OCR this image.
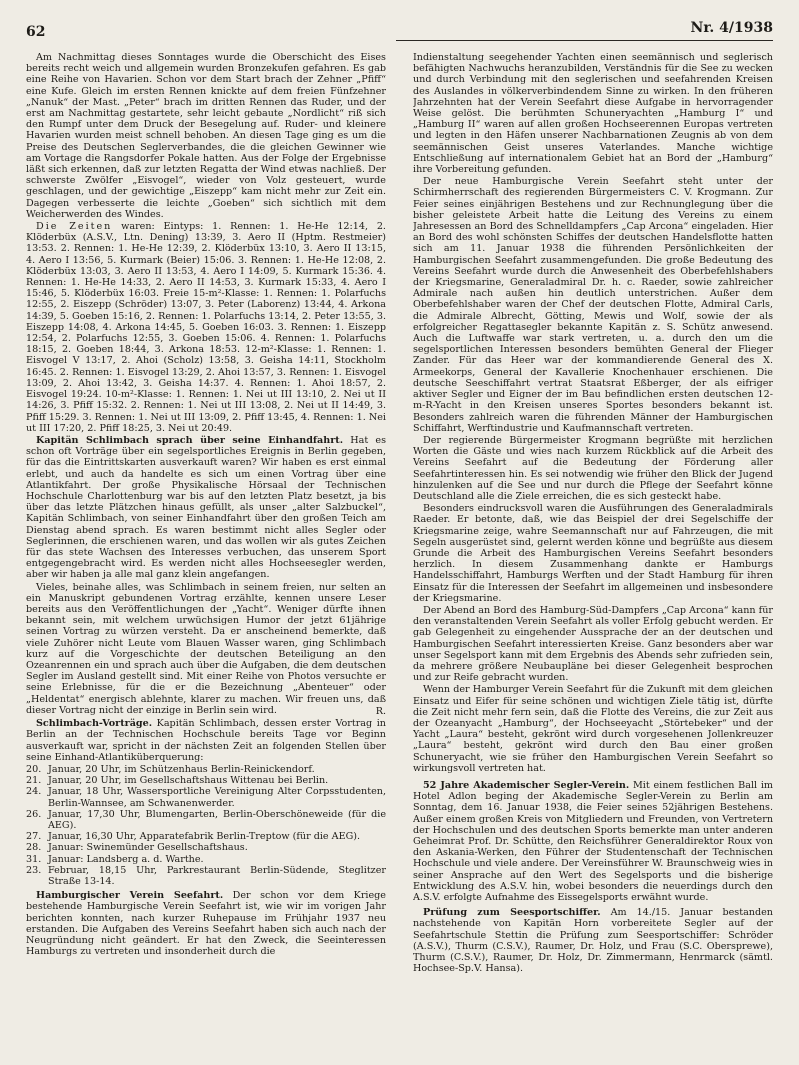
62	Nr. 4/1938

Am Nachmittag dieses Sonntages wurde die Oberschicht des Eises bereits recht weich und allgemein wurden Bronzekufen gefahren. Es gab eine Reihe von Havarien. Schon vor dem Start brach der Zehner „Pfiff“ eine Kufe. Gleich im ersten Rennen knickte auf dem freien Fünfzehner „Nanuk“ der Mast. „Peter“ brach im dritten Rennen das Ruder, und der erst am Nachmittag gestartete, sehr leicht gebaute „Nordlicht“ riß sich den Rumpf unter dem Druck der Besegelung auf. Ruder- und kleinere Havarien wurden meist schnell behoben. An diesen Tage ging es um die Preise des Deutschen Seglerverbandes, die die gleichen Gewinner wie am Vortage die Rangsdorfer Pokale hatten. Aus der Folge der Ergebnisse läßt sich erkennen, daß zur letzten Regatta der Wind etwas nachließ. Der schwerste Zwölfer „Eisvogel“, wieder von Volz gesteuert, wurde geschlagen, und der gewichtige „Eiszepp“ kam nicht mehr zur Zeit ein. Dagegen verbesserte die leichte „Goeben“ sich sichtlich mit dem Weicherwerden des Windes.

Die Zeiten waren: Eintyps: 1. Rennen: 1. He-He 12:14, 2. Klöderbüx (A.S.V., Ltn. Dening) 13:39, 3. Aero II (Hptm. Restmeier) 13:53. 2. Rennen: 1. He-He 12:39, 2. Klöderbüx 13:10, 3. Aero II 13:15, 4. Aero I 13:56, 5. Kurmark (Beier) 15:06. 3. Rennen: 1. He-He 12:08, 2. Klöderbüx 13:03, 3. Aero II 13:53, 4. Aero I 14:09, 5. Kurmark 15:36. 4. Rennen: 1. He-He 14:33, 2. Aero II 14:53, 3. Kurmark 15:33, 4. Aero I 15:46, 5. Klöderbüx 16:03. Freie 15-m²-Klasse: 1. Rennen: 1. Polarfuchs 12:55, 2. Eiszepp (Schröder) 13:07, 3. Peter (Laborenz) 13:44, 4. Arkona 14:39, 5. Goeben 15:16, 2. Rennen: 1. Polarfuchs 13:14, 2. Peter 13:55, 3. Eiszepp 14:08, 4. Arkona 14:45, 5. Goeben 16:03. 3. Rennen: 1. Eiszepp 12:54, 2. Polarfuchs 12:55, 3. Goeben 15:06. 4. Rennen: 1. Polarfuchs 18:15, 2. Goeben 18:44, 3. Arkona 18:53. 12-m²-Klasse: 1. Rennen: 1. Eisvogel V 13:17, 2. Ahoi (Scholz) 13:58, 3. Geisha 14:11, Stockholm 16:45. 2. Rennen: 1. Eisvogel 13:29, 2. Ahoi 13:57, 3. Rennen: 1. Eisvogel 13:09, 2. Ahoi 13:42, 3. Geisha 14:37. 4. Rennen: 1. Ahoi 18:57, 2. Eisvogel 19:24. 10-m²-Klasse: 1. Rennen: 1. Nei ut III 13:10, 2. Nei ut II 14:26, 3. Pfiff 15:32. 2. Rennen: 1. Nei ut III 13:08, 2. Nei ut II 14:49, 3. Pfiff 15:29. 3. Rennen: 1. Nei ut III 13:09, 2. Pfiff 13:45, 4. Rennen: 1. Nei ut III 17:20, 2. Pfiff 18:25, 3. Nei ut 20:49.

Kapitän Schlimbach sprach über seine Einhandfahrt. Hat es schon oft Vorträge über ein segelsportliches Ereignis in Berlin gegeben, für das die Eintrittskarten ausverkauft waren? Wir haben es erst einmal erlebt, und auch da handelte es sich um einen Vortrag über eine Atlantikfahrt. Der große Physikalische Hörsaal der Technischen Hochschule Charlottenburg war bis auf den letzten Platz besetzt, ja bis über das letzte Plätzchen hinaus gefüllt, als unser „alter Salzbuckel“, Kapitän Schlimbach, von seiner Einhandfahrt über den großen Teich am Dienstag abend sprach. Es waren bestimmt nicht alles Segler oder Seglerinnen, die erschienen waren, und das wollen wir als gutes Zeichen für das stete Wachsen des Interesses verbuchen, das unserem Sport entgegengebracht wird. Es werden nicht alles Hochseesegler werden, aber wir haben ja alle mal ganz klein angefangen.

Vieles, beinahe alles, was Schlimbach in seinem freien, nur selten an ein Manuskript gebundenen Vortrag erzählte, kennen unsere Leser bereits aus den Veröffentlichungen der „Yacht“. Weniger dürfte ihnen bekannt sein, mit welchem urwüchsigen Humor der jetzt 61jährige seinen Vortrag zu würzen versteht. Da er anscheinend bemerkte, daß viele Zuhörer nicht Leute vom Blauen Wasser waren, ging Schlimbach kurz auf die Vorgeschichte der deutschen Beteiligung an den Ozeanrennen ein und sprach auch über die Aufgaben, die dem deutschen Segler im Ausland gestellt sind. Mit einer Reihe von Photos versuchte er seine Erlebnisse, für die er die Bezeichnung „Abenteuer“ oder „Heldentat“ energisch ablehnte, klarer zu machen. Wir freuen uns, daß dieser Vortrag nicht der einzige in Berlin sein wird.	R.

Schlimbach-Vorträge. Kapitän Schlimbach, dessen erster Vortrag in Berlin an der Technischen Hochschule bereits Tage vor Beginn ausverkauft war, spricht in der nächsten Zeit an folgenden Stellen über seine Einhand-Atlantiküberquerung:

20. Januar, 20 Uhr, im Schützenhaus Berlin-Reinickendorf.
21. Januar, 20 Uhr, im Gesellschaftshaus Wittenau bei Berlin.
24. Januar, 18 Uhr, Wassersportliche Vereinigung Alter Corpsstudenten, Berlin-Wannsee, am Schwanenwerder.
26. Januar, 17,30 Uhr, Blumengarten, Berlin-Oberschöneweide (für die AEG).
27. Januar, 16,30 Uhr, Apparatefabrik Berlin-Treptow (für die AEG).
28. Januar: Swinemünder Gesellschaftshaus.
31. Januar: Landsberg a. d. Warthe.
23. Februar, 18,15 Uhr, Parkrestaurant Berlin-Südende, Steglitzer Straße 13-14.

Hamburgischer Verein Seefahrt. Der schon vor dem Kriege bestehende Hamburgische Verein Seefahrt ist, wie wir im vorigen Jahr berichten konnten, nach kurzer Ruhepause im Frühjahr 1937 neu erstanden. Die Aufgaben des Vereins Seefahrt haben sich auch nach der Neugründung nicht geändert. Er hat den Zweck, die Seeinteressen Hamburgs zu vertreten und insonderheit durch die

Indienstaltung seegehender Yachten einen seemännisch und seglerisch befähigten Nachwuchs heranzubilden, Verständnis für die See zu wecken und durch Verbindung mit den seglerischen und seefahrenden Kreisen des Auslandes in völkerverbindendem Sinne zu wirken. In den früheren Jahrzehnten hat der Verein Seefahrt diese Aufgabe in hervorragender Weise gelöst. Die berühmten Schuneryachten „Hamburg I“ und „Hamburg II“ waren auf allen großen Hochseerennen Europas vertreten und legten in den Häfen unserer Nachbarnationen Zeugnis ab von dem seemännischen Geist unseres Vaterlandes. Manche wichtige Entschließung auf internationalem Gebiet hat an Bord der „Hamburg“ ihre Vorbereitung gefunden.

Der neue Hamburgische Verein Seefahrt steht unter der Schirmherrschaft des regierenden Bürgermeisters C. V. Krogmann. Zur Feier seines einjährigen Bestehens und zur Rechnunglegung über die bisher geleistete Arbeit hatte die Leitung des Vereins zu einem Jahresessen an Bord des Schnelldampfers „Cap Arcona“ eingeladen. Hier an Bord des wohl schönsten Schiffes der deutschen Handelsflotte hatten sich am 11. Januar 1938 die führenden Persönlichkeiten der Hamburgischen Seefahrt zusammengefunden. Die große Bedeutung des Vereins Seefahrt wurde durch die Anwesenheit des Oberbefehlshabers der Kriegsmarine, Generaladmiral Dr. h. c. Raeder, sowie zahlreicher Admirale nach außen hin deutlich unterstrichen. Außer dem Oberbefehlshaber waren der Chef der deutschen Flotte, Admiral Carls, die Admirale Albrecht, Götting, Mewis und Wolf, sowie der als erfolgreicher Regattasegler bekannte Kapitän z. S. Schütz anwesend. Auch die Luftwaffe war stark vertreten, u. a. durch den um die segelsportlichen Interessen besonders bemühten General der Flieger Zander. Für das Heer war der kommandierende General des X. Armeekorps, General der Kavallerie Knochenhauer erschienen. Die deutsche Seeschiffahrt vertrat Staatsrat Eßberger, der als eifriger aktiver Segler und Eigner der im Bau befindlichen ersten deutschen 12-m-R-Yacht in den Kreisen unseres Sportes besonders bekannt ist. Besonders zahlreich waren die führenden Männer der Hamburgischen Schiffahrt, Werftindustrie und Kaufmannschaft vertreten.

Der regierende Bürgermeister Krogmann begrüßte mit herzlichen Worten die Gäste und wies nach kurzem Rückblick auf die Arbeit des Vereins Seefahrt auf die Bedeutung der Förderung aller Seefahrtinteressen hin. Es sei notwendig wie früher den Blick der Jugend hinzulenken auf die See und nur durch die Pflege der Seefahrt könne Deutschland alle die Ziele erreichen, die es sich gesteckt habe.

Besonders eindrucksvoll waren die Ausführungen des Generaladmirals Raeder. Er betonte, daß, wie das Beispiel der drei Segelschiffe der Kriegsmarine zeige, wahre Seemannschaft nur auf Fahrzeugen, die mit Segeln ausgerüstet sind, gelernt werden könne und begrüßte aus diesem Grunde die Arbeit des Hamburgischen Vereins Seefahrt besonders herzlich. In diesem Zusammenhang dankte er Hamburgs Handelsschiffahrt, Hamburgs Werften und der Stadt Hamburg für ihren Einsatz für die Interessen der Seefahrt im allgemeinen und insbesondere der Kriegsmarine.

Der Abend an Bord des Hamburg-Süd-Dampfers „Cap Arcona“ kann für den veranstaltenden Verein Seefahrt als voller Erfolg gebucht werden. Er gab Gelegenheit zu eingehender Aussprache der an der deutschen und Hamburgischen Seefahrt interessierten Kreise. Ganz besonders aber war unser Segelsport kann mit dem Ergebnis des Abends sehr zufrieden sein, da mehrere größere Neubaupläne bei dieser Gelegenheit besprochen und zur Reife gebracht wurden.

Wenn der Hamburger Verein Seefahrt für die Zukunft mit dem gleichen Einsatz und Eifer für seine schönen und wichtigen Ziele tätig ist, dürfte die Zeit nicht mehr fern sein, daß die Flotte des Vereins, die zur Zeit aus der Ozeanyacht „Hamburg“, der Hochseeyacht „Störtebeker“ und der Yacht „Laura“ besteht, gekrönt wird durch vorgesehenen Jollenkreuzer „Laura“ besteht, gekrönt wird durch den Bau einer großen Schuneryacht, wie sie früher den Hamburgischen Verein Seefahrt so wirkungsvoll vertreten hat.

52 Jahre Akademischer Segler-Verein. Mit einem festlichen Ball im Hotel Adlon beging der Akademische Segler-Verein zu Berlin am Sonntag, dem 16. Januar 1938, die Feier seines 52jährigen Bestehens. Außer einem großen Kreis von Mitgliedern und Freunden, von Vertretern der Hochschulen und des deutschen Sports bemerkte man unter anderen Geheimrat Prof. Dr. Schütte, den Reichsführer Generaldirektor Roux von den Askania-Werken, den Führer der Studentenschaft der Technischen Hochschule und viele andere. Der Vereinsführer W. Braunschweig wies in seiner Ansprache auf den Wert des Segelsports und die bisherige Entwicklung des A.S.V. hin, wobei besonders die neuerdings durch den A.S.V. erfolgte Aufnahme des Eissegelsports erwähnt wurde.

Prüfung zum Seesportschiffer. Am 14./15. Januar bestanden nachstehende von Kapitän Horn vorbereitete Segler auf der Seefahrtschule Stettin die Prüfung zum Seesportschiffer: Schröder (A.S.V.), Thurm (C.S.V.), Raumer, Dr. Holz, und Frau (S.C. Obersprewe), Thurm (C.S.V.), Raumer, Dr. Holz, Dr. Zimmermann, Henrmarck (sämtl. Hochsee-Sp.V. Hansa).
